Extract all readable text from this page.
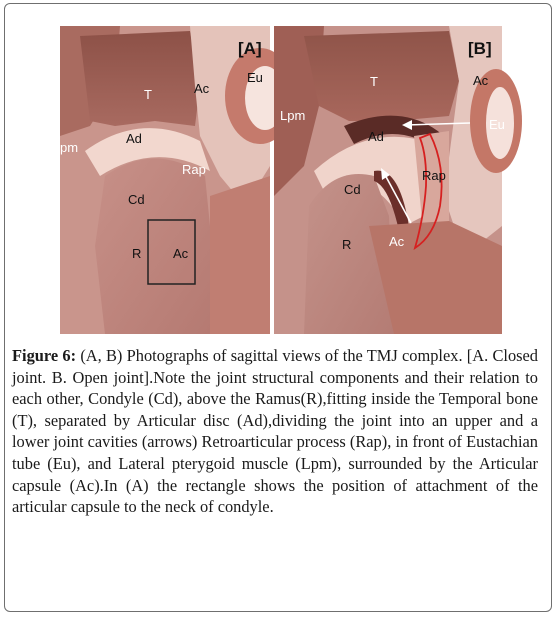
[A]
T	Ac
Eu
pm
Ad
Rap
Cd
R Ac
[B]
T	Ac
Eu
Lpm
Ad
Rap
Cd
R	Ac
Figure 6: (A, B) Photographs of sagittal views of the TMJ complex. [A. Closed joint. B. Open joint].Note the joint structural components and their relation to each other, Condyle (Cd), above the Ramus(R),fitting inside the Temporal bone (T), separated by Articular disc (Ad),dividing the joint into an upper and a lower joint cavities (arrows) Retroarticular process (Rap), in front of Eustachian tube (Eu), and Lateral pterygoid muscle (Lpm), surrounded by the Articular capsule (Ac).In (A) the rectangle shows the position of attachment of the articular capsule to the neck of condyle.
